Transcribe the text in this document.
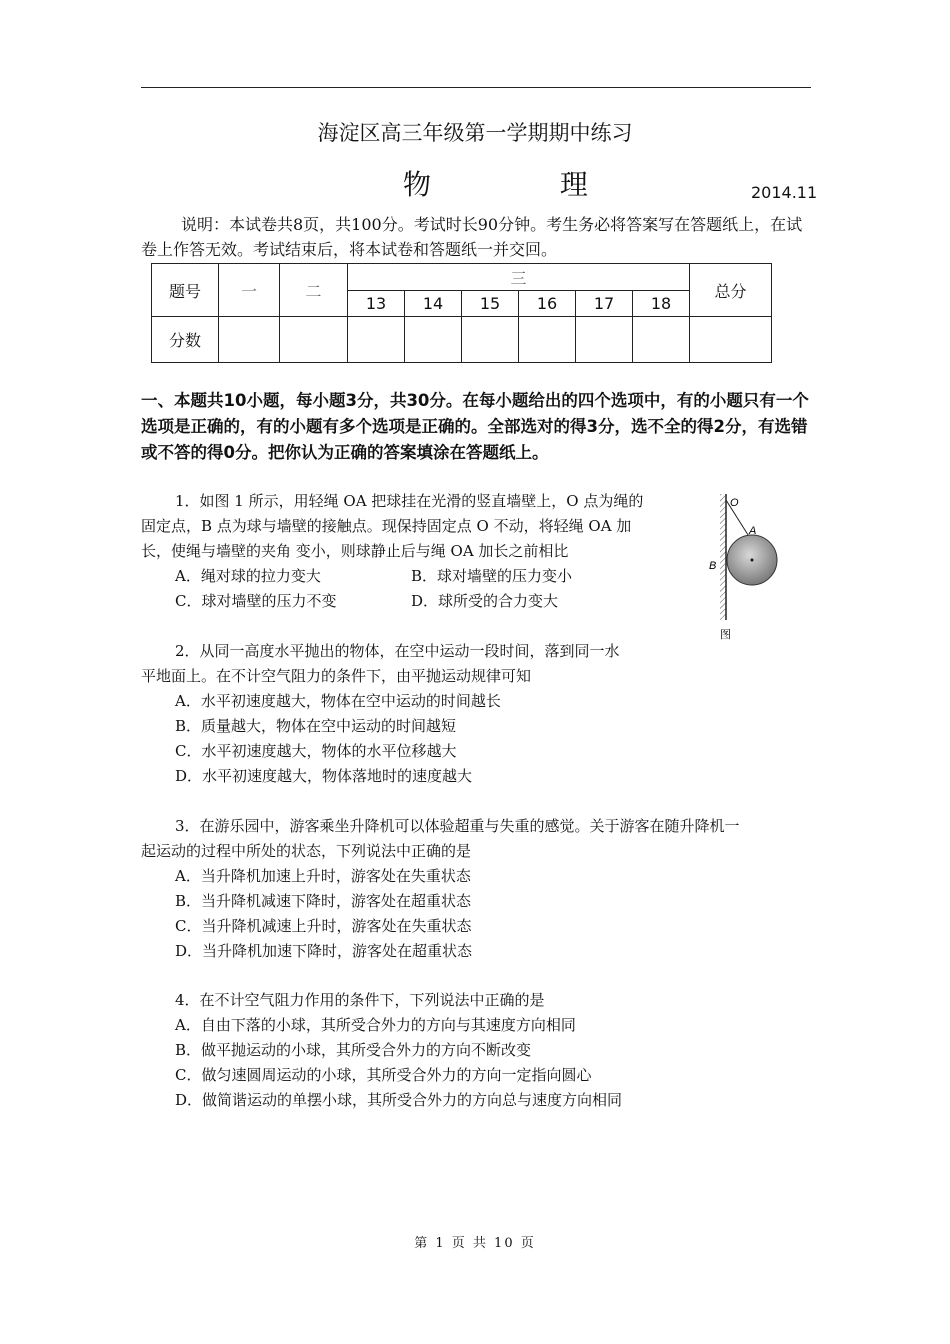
海淀区高三年级第一学期期中练习
物 理	2014.11
说明：本试卷共8页，共100分。考试时长90分钟。考生务必将答案写在答题纸上，在试卷上作答无效。考试结束后，将本试卷和答题纸一并交回。
题号	一	二	三						总分
			13	14	15	16	17	18	
分数									
一、本题共10小题，每小题3分，共30分。在每小题给出的四个选项中，有的小题只有一个选项是正确的，有的小题有多个选项是正确的。全部选对的得3分，选不全的得2分，有选错或不答的得0分。把你认为正确的答案填涂在答题纸上。
1．如图 1 所示，用轻绳 OA 把球挂在光滑的竖直墙壁上，O 点为绳的
固定点，B 点为球与墙壁的接触点。现保持固定点 O 不动，将轻绳 OA 加
长，使绳与墙壁的夹角 变小，则球静止后与绳 OA 加长之前相比
A．绳对球的拉力变大	B．球对墙壁的压力变小
C．球对墙壁的压力不变	D．球所受的合力变大
O
A
B
图
2．从同一高度水平抛出的物体，在空中运动一段时间，落到同一水
平地面上。在不计空气阻力的条件下，由平抛运动规律可知
A．水平初速度越大，物体在空中运动的时间越长
B．质量越大，物体在空中运动的时间越短
C．水平初速度越大，物体的水平位移越大
D．水平初速度越大，物体落地时的速度越大
3．在游乐园中，游客乘坐升降机可以体验超重与失重的感觉。关于游客在随升降机一
起运动的过程中所处的状态，下列说法中正确的是
A．当升降机加速上升时，游客处在失重状态
B．当升降机减速下降时，游客处在超重状态
C．当升降机减速上升时，游客处在失重状态
D．当升降机加速下降时，游客处在超重状态
4．在不计空气阻力作用的条件下，下列说法中正确的是
A．自由下落的小球，其所受合外力的方向与其速度方向相同
B．做平抛运动的小球，其所受合外力的方向不断改变
C．做匀速圆周运动的小球，其所受合外力的方向一定指向圆心
D．做简谐运动的单摆小球，其所受合外力的方向总与速度方向相同
第 1 页 共 10 页
